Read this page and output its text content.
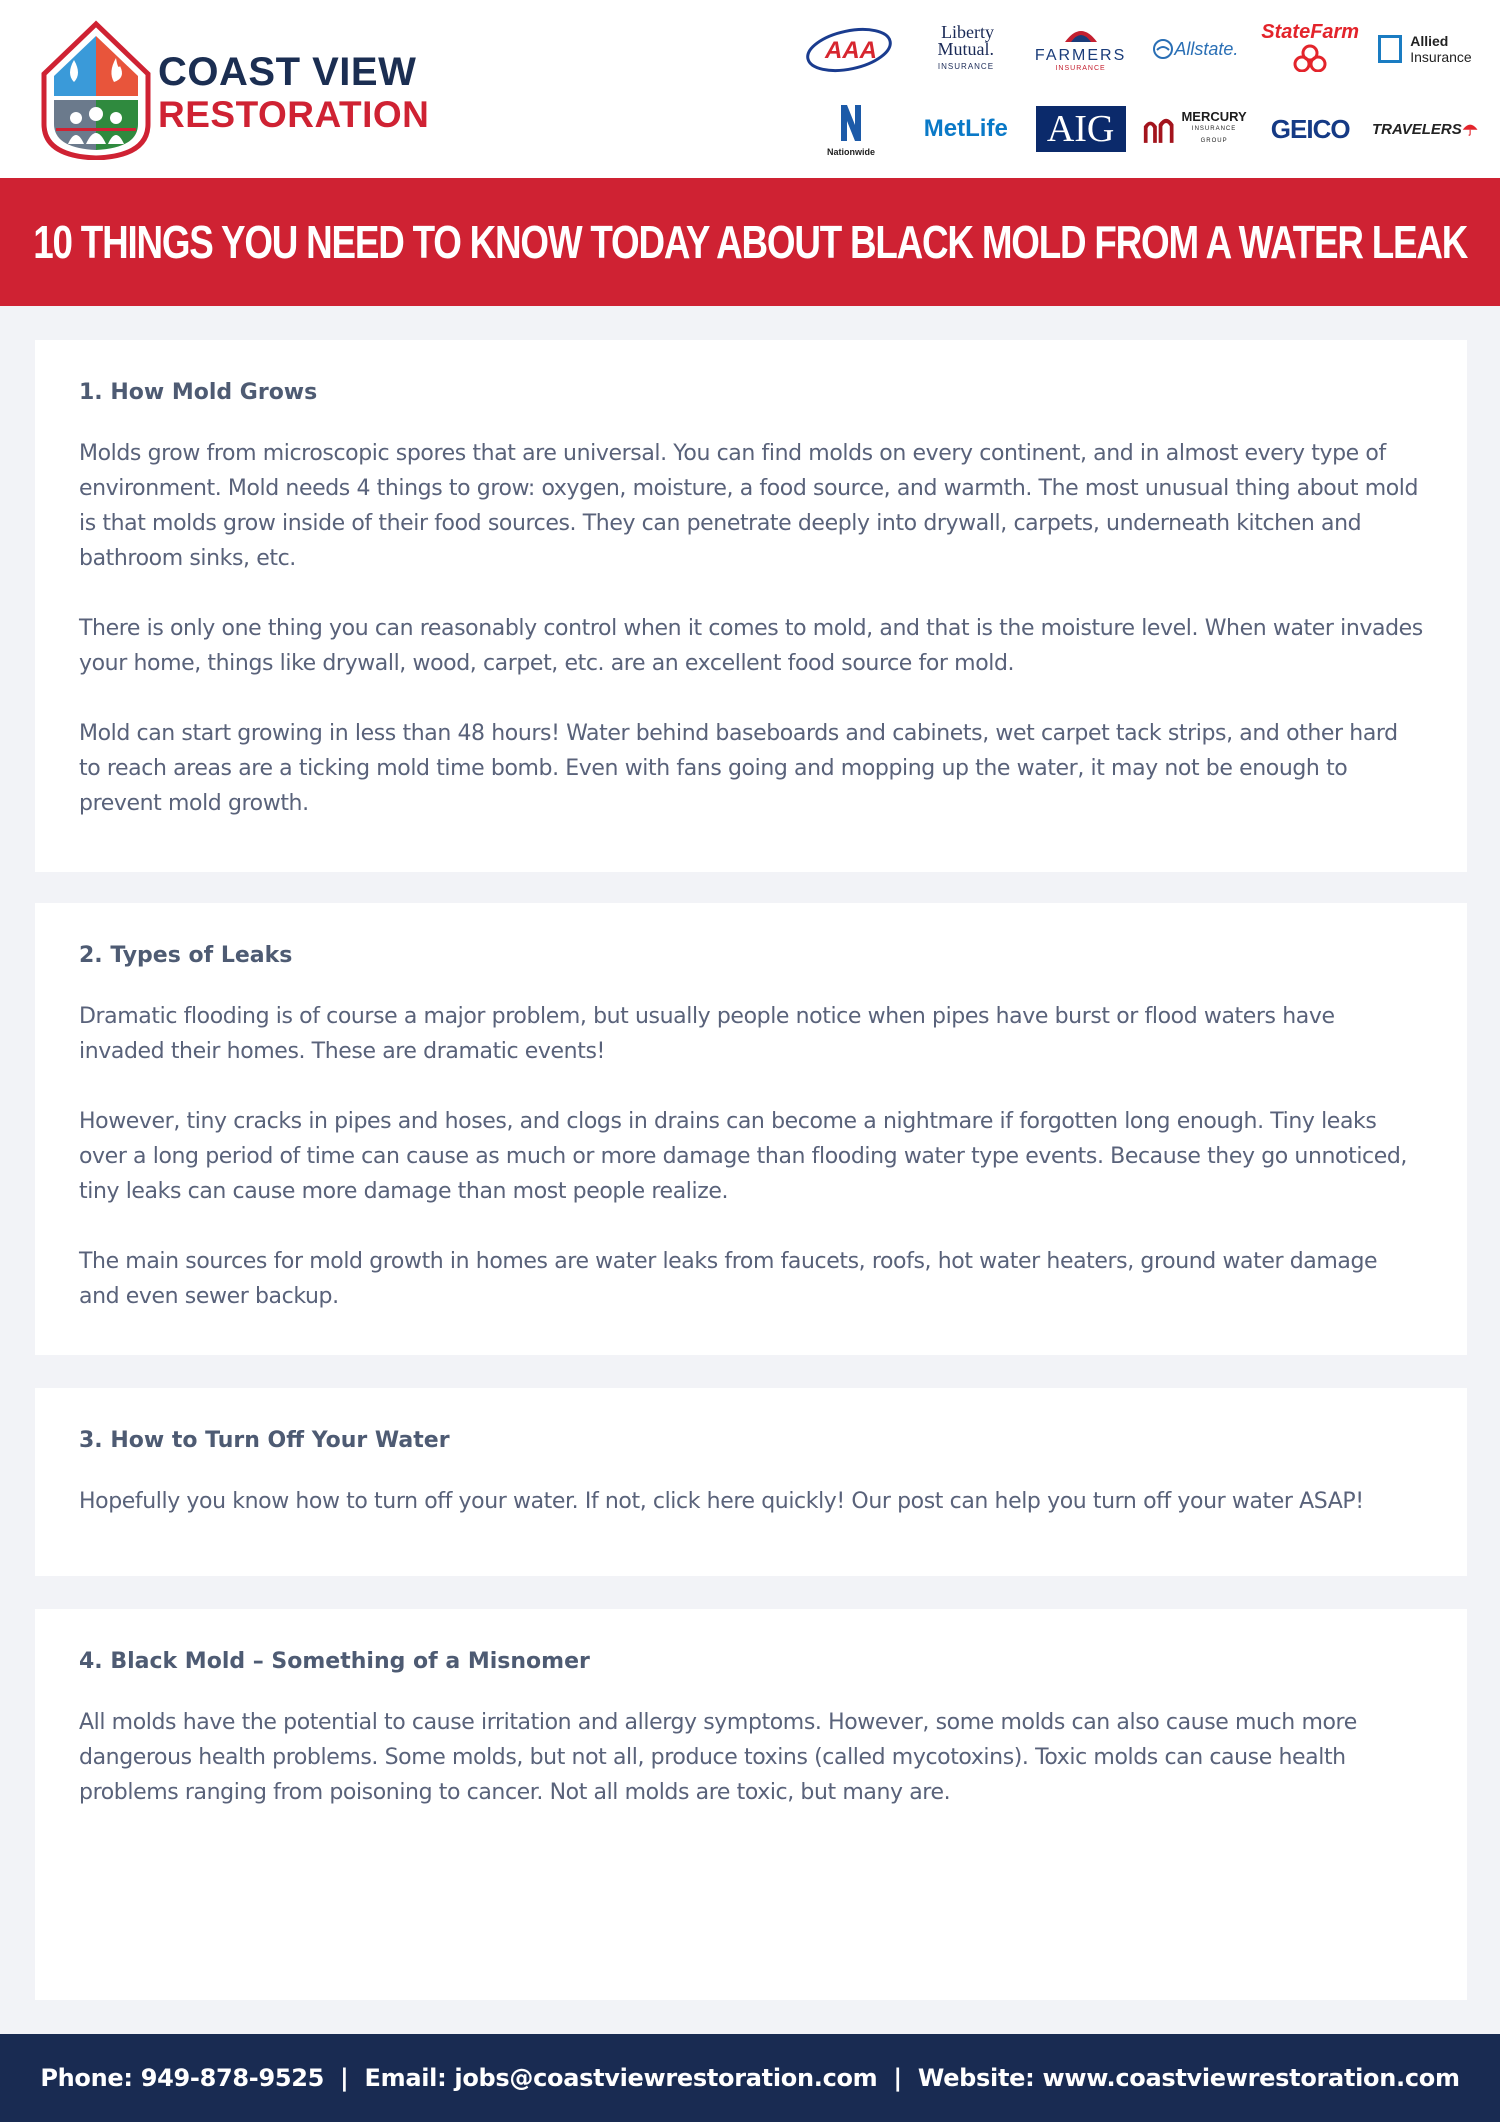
COAST VIEW
RESTORATION
AAA
Liberty
Mutual.
INSURANCE

FARMERS
INSURANCE
Allstate.
StateFarm	Allied
Insurance

Nationwide
MetLife AIG	MERCURY
INSURANCE GROUP	GEICO	TRAVELERS
10 THINGS YOU NEED TO KNOW TODAY ABOUT BLACK MOLD FROM A WATER LEAK
1. How Mold Grows

Molds grow from microscopic spores that are universal. You can find molds on every continent, and in almost every type of environment. Mold needs 4 things to grow: oxygen, moisture, a food source, and warmth. The most unusual thing about mold is that molds grow inside of their food sources. They can penetrate deeply into drywall, carpets, underneath kitchen and bathroom sinks, etc.

There is only one thing you can reasonably control when it comes to mold, and that is the moisture level. When water invades your home, things like drywall, wood, carpet, etc. are an excellent food source for mold.

Mold can start growing in less than 48 hours! Water behind baseboards and cabinets, wet carpet tack strips, and other hard to reach areas are a ticking mold time bomb. Even with fans going and mopping up the water, it may not be enough to prevent mold growth.

2. Types of Leaks

Dramatic flooding is of course a major problem, but usually people notice when pipes have burst or flood waters have invaded their homes. These are dramatic events!

However, tiny cracks in pipes and hoses, and clogs in drains can become a nightmare if forgotten long enough. Tiny leaks over a long period of time can cause as much or more damage than flooding water type events. Because they go unnoticed, tiny leaks can cause more damage than most people realize.

The main sources for mold growth in homes are water leaks from faucets, roofs, hot water heaters, ground water damage and even sewer backup.

3. How to Turn Off Your Water

Hopefully you know how to turn off your water. If not, click here quickly! Our post can help you turn off your water ASAP!

4. Black Mold – Something of a Misnomer

All molds have the potential to cause irritation and allergy symptoms. However, some molds can also cause much more dangerous health problems. Some molds, but not all, produce toxins (called mycotoxins). Toxic molds can cause health problems ranging from poisoning to cancer. Not all molds are toxic, but many are.

Phone: 949-878-9525 | Email: jobs@coastviewrestoration.com | Website: www.coastviewrestoration.com
